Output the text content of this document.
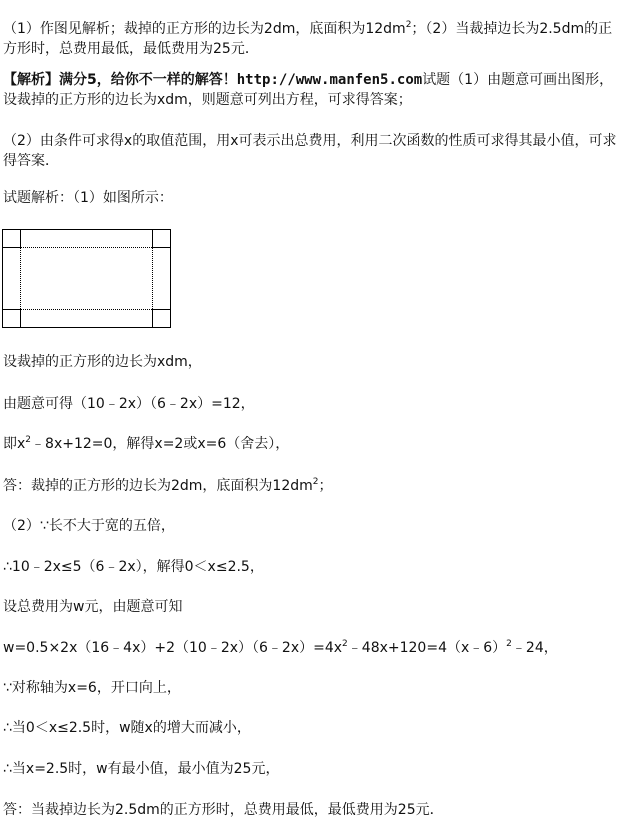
（1）作图见解析；裁掉的正方形的边长为2dm，底面积为$12dm^2$；（2）当裁掉边长为2.5dm的正方形时，总费用最低，最低费用为25元．
【解析】满分5，给你不一样的解答！http://www.manfen5.com试题（1）由题意可画出图形，设裁掉的正方形的边长为xdm，则题意可列出方程，可求得答案；
（2）由条件可求得x的取值范围，用x可表示出总费用，利用二次函数的性质可求得其最小值，可求得答案．
试题解析：（1）如图所示：
设裁掉的正方形的边长为xdm，
由题意可得（10﹣2x）（6﹣2x）=12，
即$x^2﹣8x+12=0$，解得x=2或x=6（舍去），
答：裁掉的正方形的边长为2dm，底面积为$12dm^2$；
（2）∵长不大于宽的五倍，
∴10﹣2x≤5（6﹣2x），解得0＜x≤2.5，
设总费用为w元，由题意可知
$w=0.5\times 2x(16﹣4x)+2(10﹣2x)(6﹣2x)=4x^2﹣48x+120=4(x﹣6)^2﹣24$，
∵对称轴为x=6，开口向上，
∴当0＜x≤2.5时，w随x的增大而减小，
∴当x=2.5时，w有最小值，最小值为25元，
答：当裁掉边长为2.5dm的正方形时，总费用最低，最低费用为25元．
